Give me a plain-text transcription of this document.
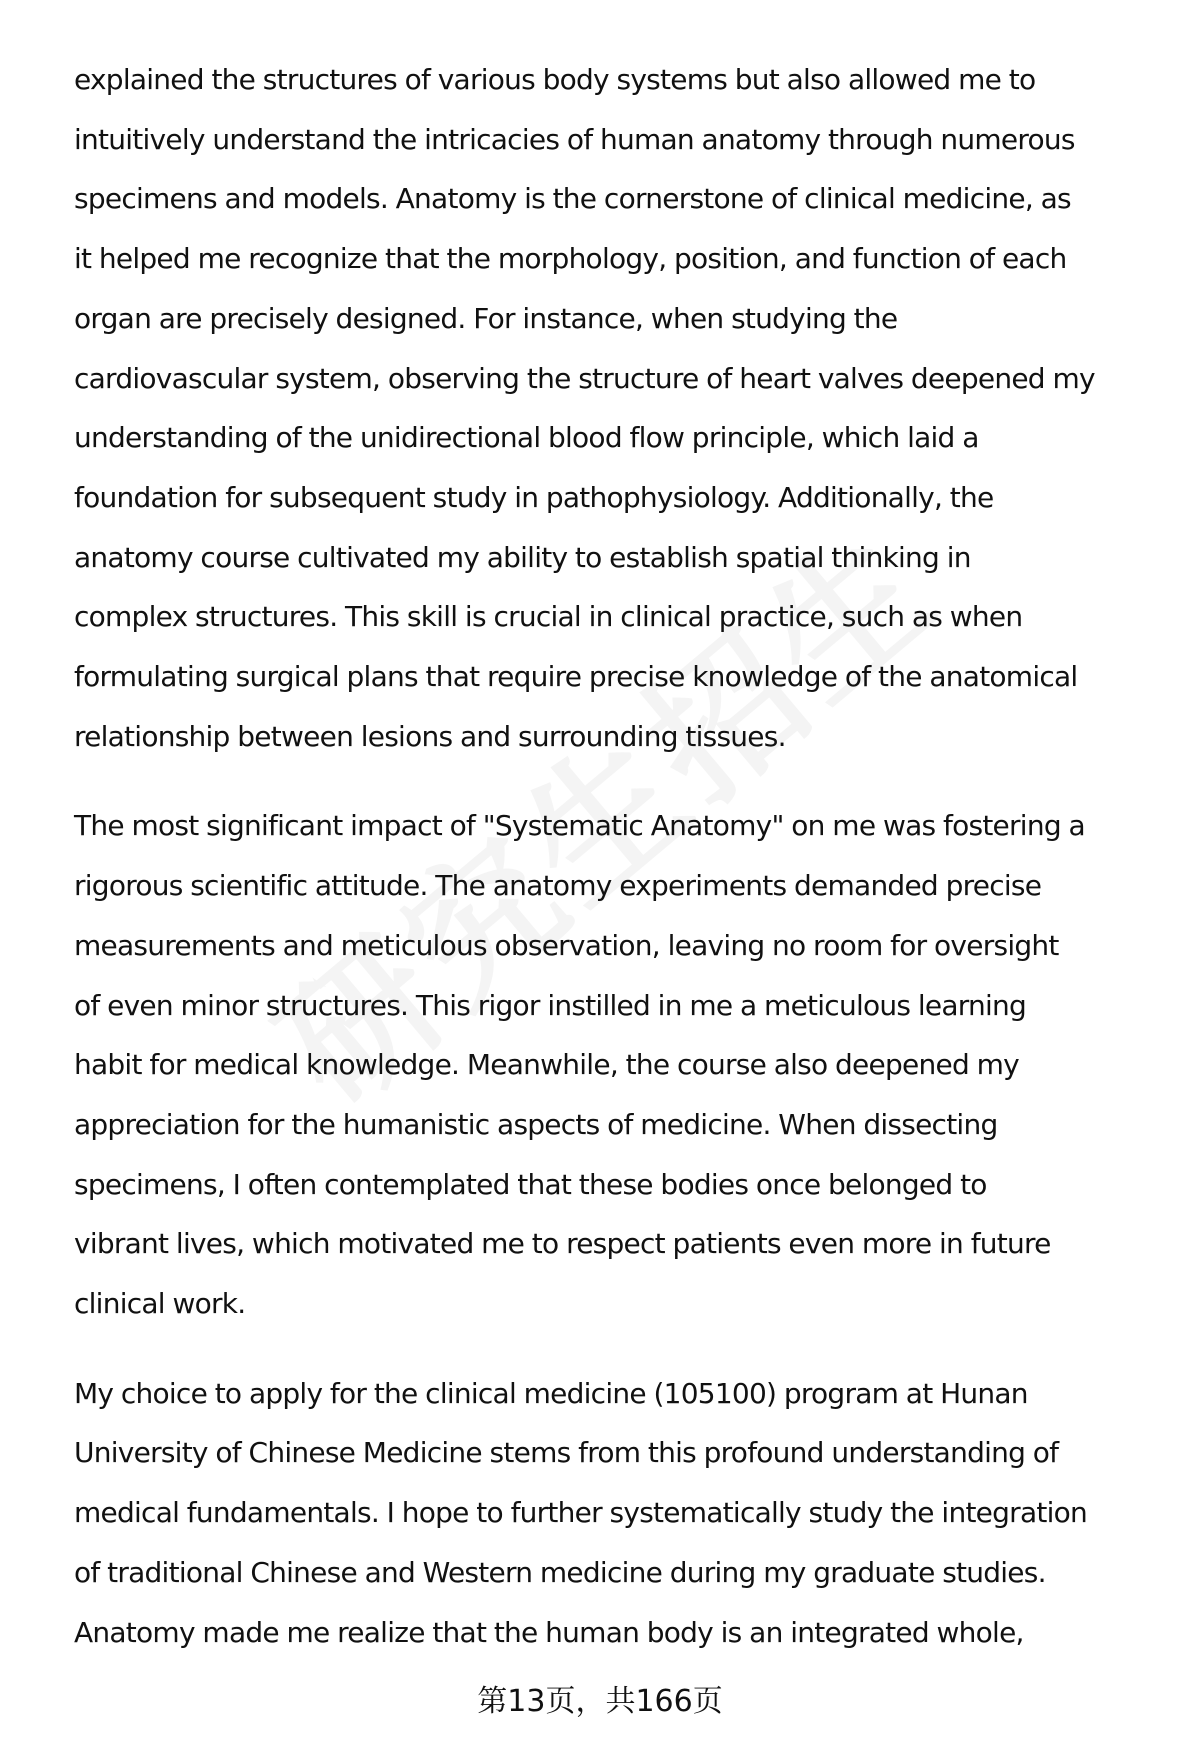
explained the structures of various body systems but also allowed me to
intuitively understand the intricacies of human anatomy through numerous
specimens and models. Anatomy is the cornerstone of clinical medicine, as
it helped me recognize that the morphology, position, and function of each
organ are precisely designed. For instance, when studying the
cardiovascular system, observing the structure of heart valves deepened my
understanding of the unidirectional blood flow principle, which laid a
foundation for subsequent study in pathophysiology. Additionally, the
anatomy course cultivated my ability to establish spatial thinking in
complex structures. This skill is crucial in clinical practice, such as when
formulating surgical plans that require precise knowledge of the anatomical
relationship between lesions and surrounding tissues.

The most significant impact of "Systematic Anatomy" on me was fostering a
rigorous scientific attitude. The anatomy experiments demanded precise
measurements and meticulous observation, leaving no room for oversight
of even minor structures. This rigor instilled in me a meticulous learning
habit for medical knowledge. Meanwhile, the course also deepened my
appreciation for the humanistic aspects of medicine. When dissecting
specimens, I often contemplated that these bodies once belonged to
vibrant lives, which motivated me to respect patients even more in future
clinical work.

My choice to apply for the clinical medicine (105100) program at Hunan
University of Chinese Medicine stems from this profound understanding of
medical fundamentals. I hope to further systematically study the integration
of traditional Chinese and Western medicine during my graduate studies.
Anatomy made me realize that the human body is an integrated whole,

第13页，共166页
